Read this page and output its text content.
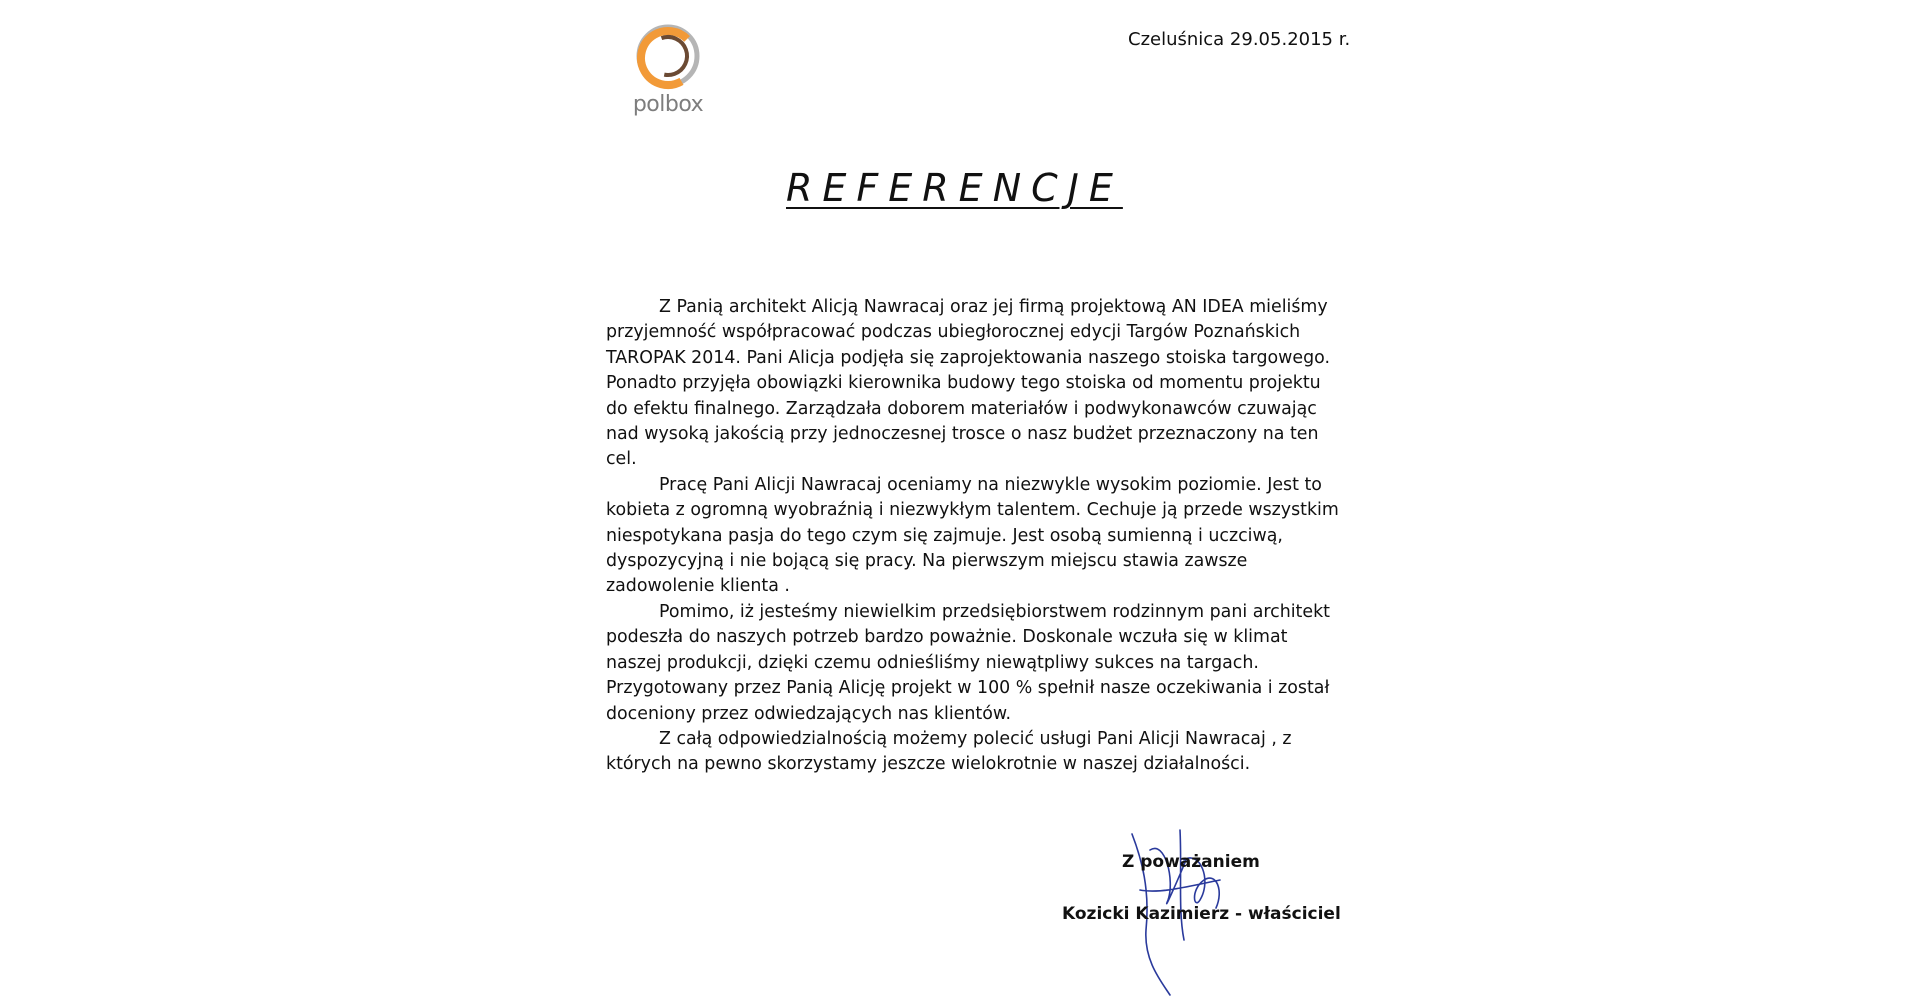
polbox
Czeluśnica 29.05.2015 r.
REFERENCJE

Z Panią architekt Alicją Nawracaj oraz jej firmą projektową AN IDEA mieliśmy przyjemność współpracować podczas ubiegłorocznej edycji Targów Poznańskich TAROPAK 2014. Pani Alicja podjęła się zaprojektowania naszego stoiska targowego. Ponadto przyjęła obowiązki kierownika budowy tego stoiska od momentu projektu do efektu finalnego. Zarządzała doborem materiałów i podwykonawców czuwając nad wysoką jakością przy jednoczesnej trosce o nasz budżet przeznaczony na ten cel.

Pracę Pani Alicji Nawracaj oceniamy na niezwykle wysokim poziomie. Jest to kobieta z ogromną wyobraźnią i niezwykłym talentem. Cechuje ją przede wszystkim niespotykana pasja do tego czym się zajmuje. Jest osobą sumienną i uczciwą, dyspozycyjną i nie bojącą się pracy. Na pierwszym miejscu stawia zawsze zadowolenie klienta .

Pomimo, iż jesteśmy niewielkim przedsiębiorstwem rodzinnym pani architekt podeszła do naszych potrzeb bardzo poważnie. Doskonale wczuła się w klimat naszej produkcji, dzięki czemu odnieśliśmy niewątpliwy sukces na targach. Przygotowany przez Panią Alicję projekt w 100 % spełnił nasze oczekiwania i został doceniony przez odwiedzających nas klientów.

Z całą odpowiedzialnością możemy polecić usługi Pani Alicji Nawracaj , z których na pewno skorzystamy jeszcze wielokrotnie w naszej działalności.

Z poważaniem
Kozicki Kazimierz - właściciel
